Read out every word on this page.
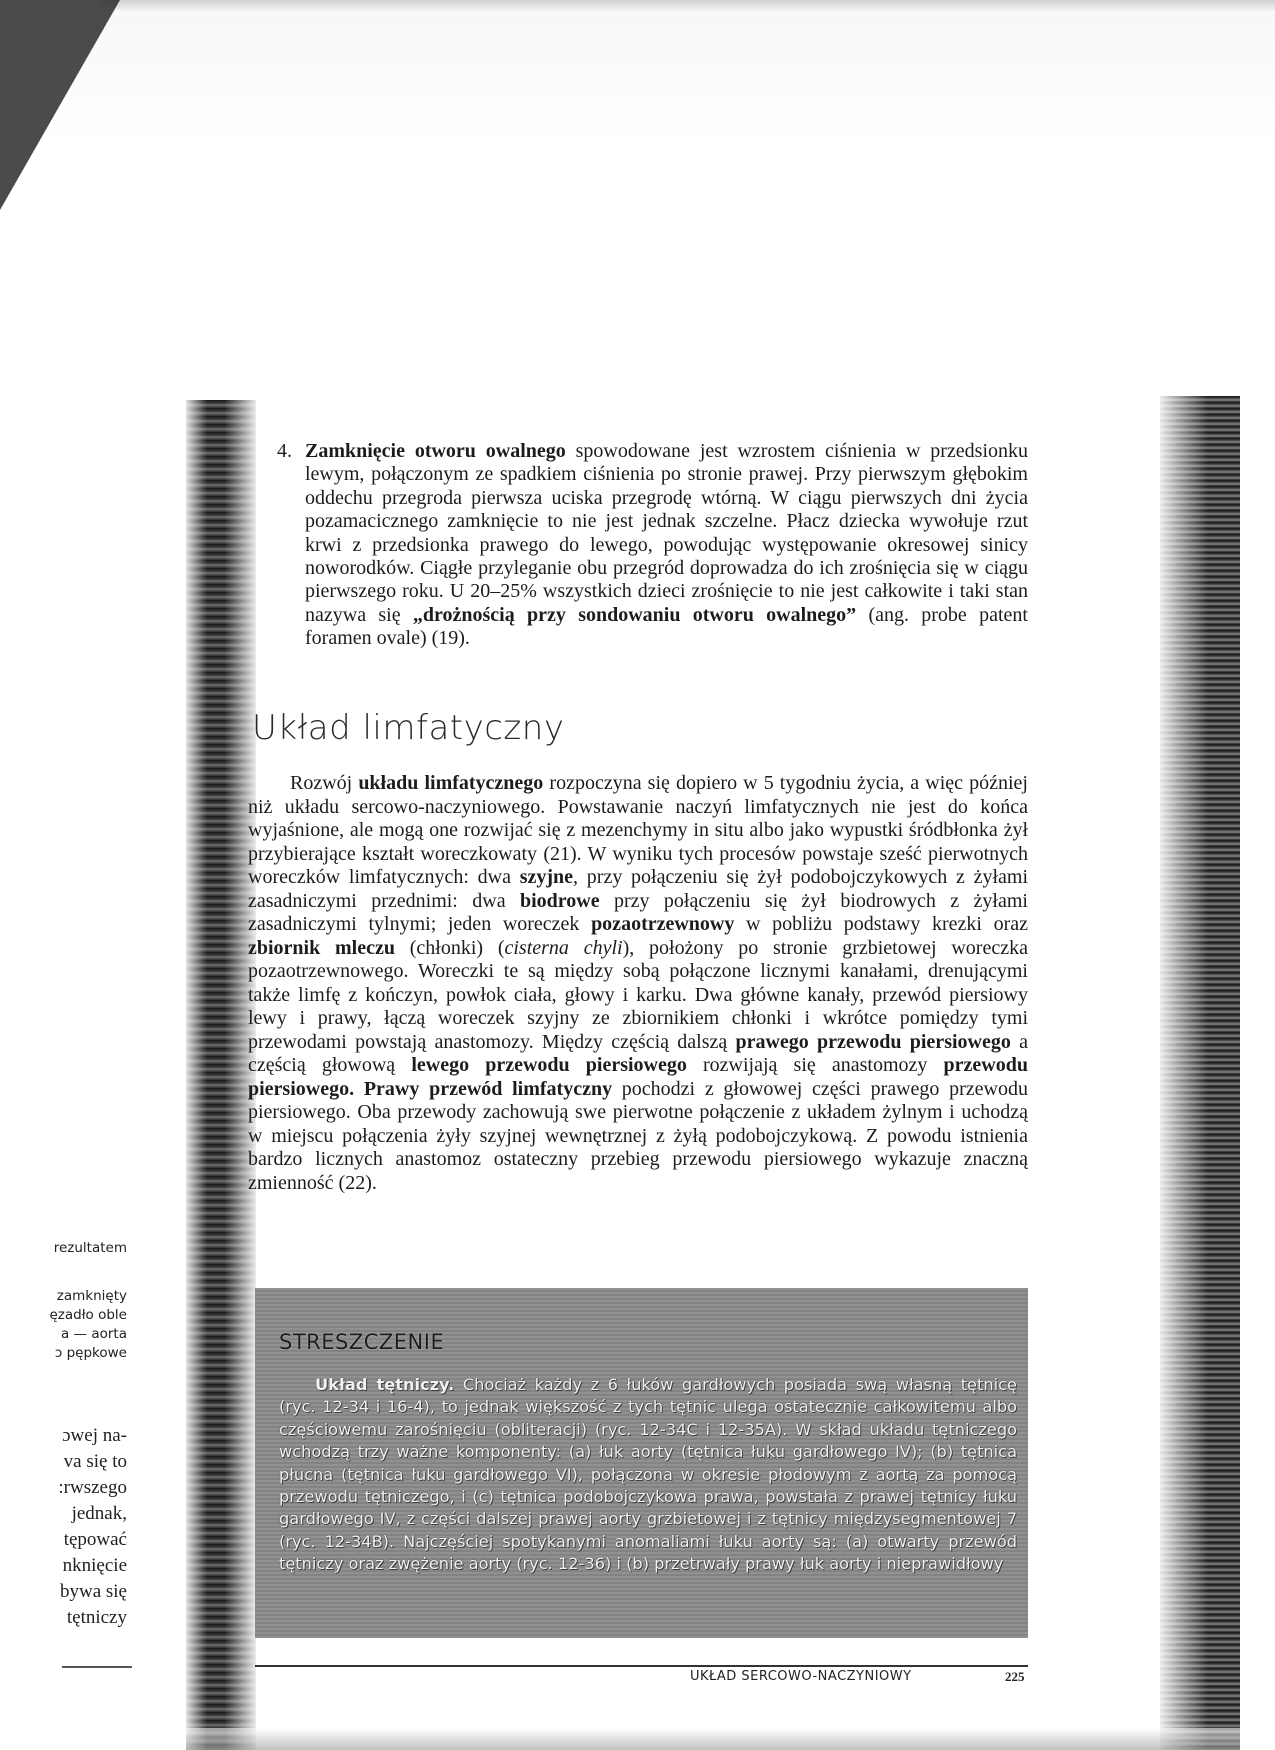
rezultatem
zamknięty
ęzadło oble
a — aorta
ɔ pępkowe
ɔwej na-
va się to
:rwszego
jednak,
tępować
nknięcie
bywa się
tętniczy
4. Zamknięcie otworu owalnego spowodowane jest wzrostem ciśnienia w przedsionku lewym, połączonym ze spadkiem ciśnienia po stronie prawej. Przy pierwszym głębokim oddechu przegroda pierwsza uciska przegrodę wtórną. W ciągu pierwszych dni życia pozamacicznego zamknięcie to nie jest jednak szczelne. Płacz dziecka wywołuje rzut krwi z przedsionka prawego do lewego, powodując występowanie okresowej sinicy noworodków. Ciągłe przyleganie obu przegród doprowadza do ich zrośnięcia się w ciągu pierwszego roku. U 20–25% wszystkich dzieci zrośnięcie to nie jest całkowite i taki stan nazywa się „drożnością przy sondowaniu otworu owalnego” (ang. probe patent foramen ovale) (19).
Układ limfatyczny
Rozwój układu limfatycznego rozpoczyna się dopiero w 5 tygodniu życia, a więc później niż układu sercowo-naczyniowego. Powstawanie naczyń limfatycznych nie jest do końca wyjaśnione, ale mogą one rozwijać się z mezenchymy in situ albo jako wypustki śródbłonka żył przybierające kształt woreczkowaty (21). W wyniku tych procesów powstaje sześć pierwotnych woreczków limfatycznych: dwa szyjne, przy połączeniu się żył podobojczykowych z żyłami zasadniczymi przednimi: dwa biodrowe przy połączeniu się żył biodrowych z żyłami zasadniczymi tylnymi; jeden woreczek pozaotrzewnowy w pobliżu podstawy krezki oraz zbiornik mleczu (chłonki) (cisterna chyli), położony po stronie grzbietowej woreczka pozaotrzewnowego. Woreczki te są między sobą połączone licznymi kanałami, drenującymi także limfę z kończyn, powłok ciała, głowy i karku. Dwa główne kanały, przewód piersiowy lewy i prawy, łączą woreczek szyjny ze zbiornikiem chłonki i wkrótce pomiędzy tymi przewodami powstają anastomozy. Między częścią dalszą prawego przewodu piersiowego a częścią głowową lewego przewodu piersiowego rozwijają się anastomozy przewodu piersiowego. Prawy przewód limfatyczny pochodzi z głowowej części prawego przewodu piersiowego. Oba przewody zachowują swe pierwotne połączenie z układem żylnym i uchodzą w miejscu połączenia żyły szyjnej wewnętrznej z żyłą podobojczykową. Z powodu istnienia bardzo licznych anastomoz ostateczny przebieg przewodu piersiowego wykazuje znaczną zmienność (22).
STRESZCZENIE
Układ tętniczy. Chociaż każdy z 6 łuków gardłowych posiada swą własną tętnicę (ryc. 12-34 i 16-4), to jednak większość z tych tętnic ulega ostatecznie całkowitemu albo częściowemu zarośnięciu (obliteracji) (ryc. 12-34C i 12-35A). W skład układu tętniczego wchodzą trzy ważne komponenty: (a) łuk aorty (tętnica łuku gardłowego IV); (b) tętnica płucna (tętnica łuku gardłowego VI), połączona w okresie płodowym z aortą za pomocą przewodu tętniczego, i (c) tętnica podobojczykowa prawa, powstała z prawej tętnicy łuku gardłowego IV, z części dalszej prawej aorty grzbietowej i z tętnicy międzysegmentowej 7 (ryc. 12-34B). Najczęściej spotykanymi anomaliami łuku aorty są: (a) otwarty przewód tętniczy oraz zwężenie aorty (ryc. 12-36) i (b) przetrwały prawy łuk aorty i nieprawidłowy
UKŁAD SERCOWO-NACZYNIOWY	225
